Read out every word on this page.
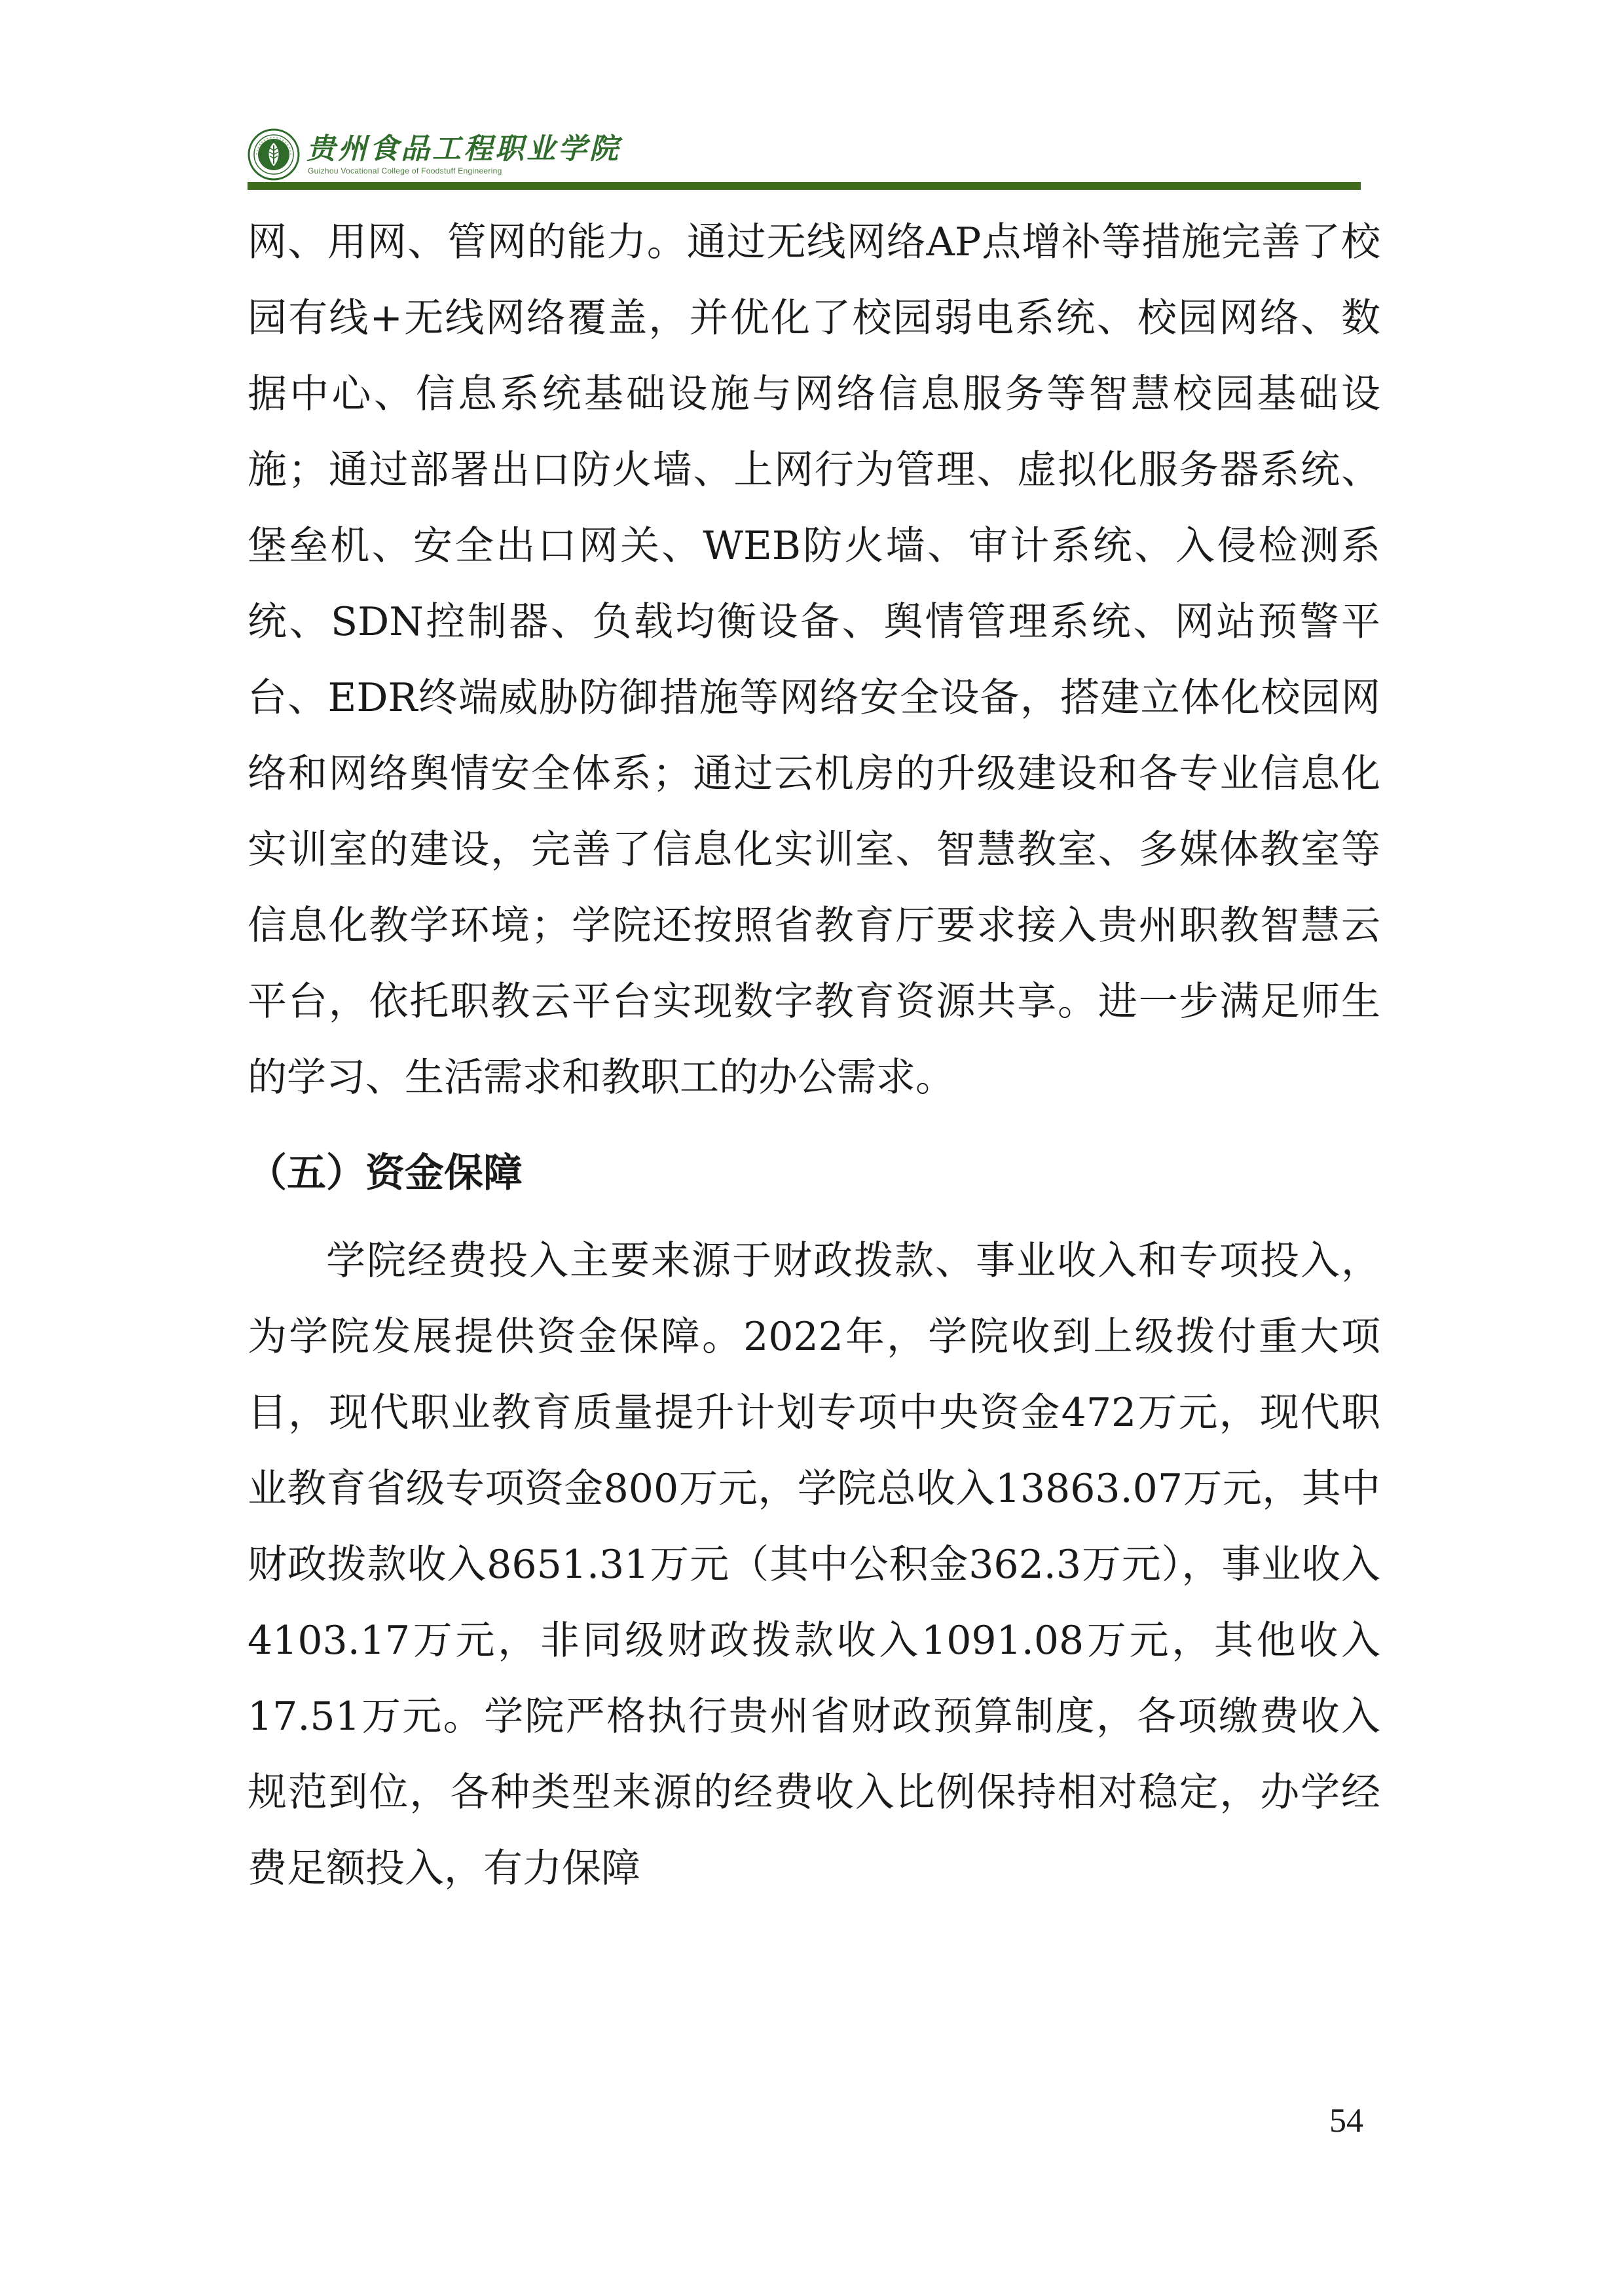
贵州食品工程职业学院
Guizhou Vocational College of Foodstuff Engineering

网、用网、管网的能力。通过无线网络AP点增补等措施完善了校园有线+无线网络覆盖，并优化了校园弱电系统、校园网络、数据中心、信息系统基础设施与网络信息服务等智慧校园基础设施；通过部署出口防火墙、上网行为管理、虚拟化服务器系统、堡垒机、安全出口网关、WEB防火墙、审计系统、入侵检测系统、SDN控制器、负载均衡设备、舆情管理系统、网站预警平台、EDR终端威胁防御措施等网络安全设备，搭建立体化校园网络和网络舆情安全体系；通过云机房的升级建设和各专业信息化实训室的建设，完善了信息化实训室、智慧教室、多媒体教室等信息化教学环境；学院还按照省教育厅要求接入贵州职教智慧云平台，依托职教云平台实现数字教育资源共享。进一步满足师生的学习、生活需求和教职工的办公需求。

（五）资金保障

学院经费投入主要来源于财政拨款、事业收入和专项投入，为学院发展提供资金保障。2022年，学院收到上级拨付重大项目，现代职业教育质量提升计划专项中央资金472万元，现代职业教育省级专项资金800万元，学院总收入13863.07万元，其中财政拨款收入8651.31万元（其中公积金362.3万元），事业收入4103.17万元，非同级财政拨款收入1091.08万元，其他收入17.51万元。学院严格执行贵州省财政预算制度，各项缴费收入规范到位，各种类型来源的经费收入比例保持相对稳定，办学经费足额投入，有力保障

54
